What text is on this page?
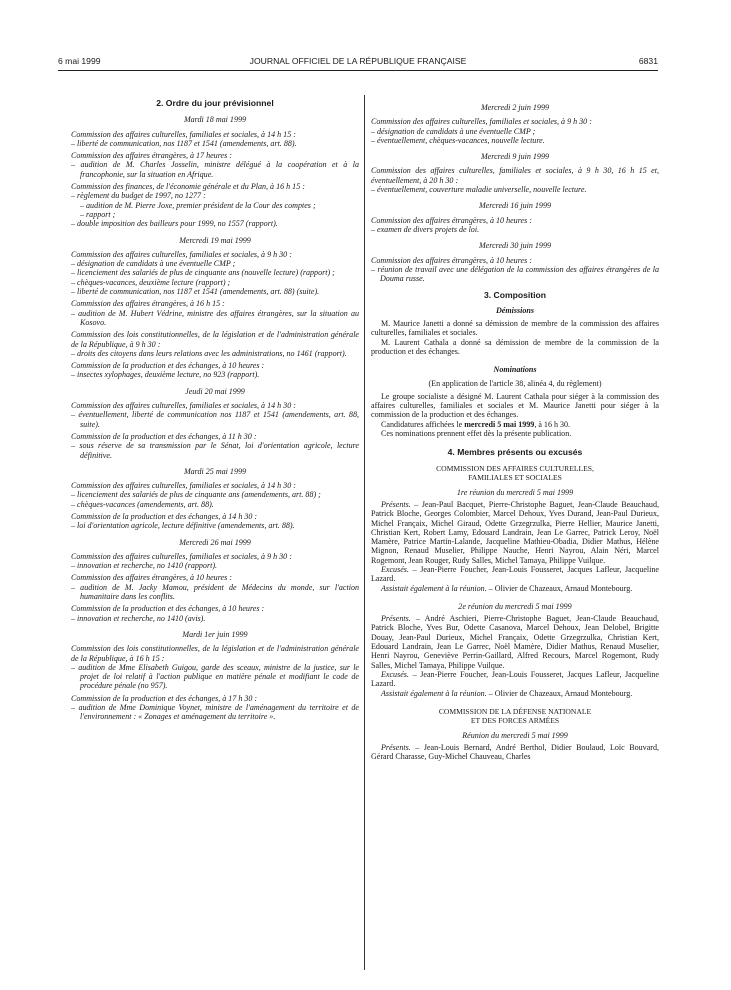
6 mai 1999	JOURNAL OFFICIEL DE LA RÉPUBLIQUE FRANÇAISE	6831
2. Ordre du jour prévisionnel
Mardi 18 mai 1999
Commission des affaires culturelles, familiales et sociales, à 14 h 15 :
– liberté de communication, nos 1187 et 1541 (amendements, art. 88).
Commission des affaires étrangères, à 17 heures :
– audition de M. Charles Josselin, ministre délégué à la coopération et à la francophonie, sur la situation en Afrique.
Commission des finances, de l'économie générale et du Plan, à 16 h 15 :
– règlement du budget de 1997, no 1277 :
– audition de M. Pierre Joxe, premier président de la Cour des comptes ;
– rapport ;
– double imposition des bailleurs pour 1999, no 1557 (rapport).
Mercredi 19 mai 1999
Commission des affaires culturelles, familiales et sociales, à 9 h 30 :
– désignation de candidats à une éventuelle CMP ;
– licenciement des salariés de plus de cinquante ans (nouvelle lecture) (rapport) ;
– chèques-vacances, deuxième lecture (rapport) ;
– liberté de communication, nos 1187 et 1541 (amendements, art. 88) (suite).
Commission des affaires étrangères, à 16 h 15 :
– audition de M. Hubert Védrine, ministre des affaires étrangères, sur la situation au Kosovo.
Commission des lois constitutionnelles, de la législation et de l'administration générale de la République, à 9 h 30 :
– droits des citoyens dans leurs relations avec les administrations, no 1461 (rapport).
Commission de la production et des échanges, à 10 heures :
– insectes xylophages, deuxième lecture, no 923 (rapport).
Jeudi 20 mai 1999
Commission des affaires culturelles, familiales et sociales, à 14 h 30 :
– éventuellement, liberté de communication nos 1187 et 1541 (amendements, art. 88, suite).
Commission de la production et des échanges, à 11 h 30 :
– sous réserve de sa transmission par le Sénat, loi d'orientation agricole, lecture définitive.
Mardi 25 mai 1999
Commission des affaires culturelles, familiales et sociales, à 14 h 30 :
– licenciement des salariés de plus de cinquante ans (amendements, art. 88) ;
– chèques-vacances (amendements, art. 88).
Commission de la production et des échanges, à 14 h 30 :
– loi d'orientation agricole, lecture définitive (amendements, art. 88).
Mercredi 26 mai 1999
Commission des affaires culturelles, familiales et sociales, à 9 h 30 :
– innovation et recherche, no 1410 (rapport).
Commission des affaires étrangères, à 10 heures :
– audition de M. Jacky Mamou, président de Médecins du monde, sur l'action humanitaire dans les conflits.
Commission de la production et des échanges, à 10 heures :
– innovation et recherche, no 1410 (avis).
Mardi 1er juin 1999
Commission des lois constitutionnelles, de la législation et de l'administration générale de la République, à 16 h 15 :
– audition de Mme Elisabeth Guigou, garde des sceaux, ministre de la justice, sur le projet de loi relatif à l'action publique en matière pénale et modifiant le code de procédure pénale (no 957).
Commission de la production et des échanges, à 17 h 30 :
– audition de Mme Dominique Voynet, ministre de l'aménagement du territoire et de l'environnement : « Zonages et aménagement du territoire ».
Mercredi 2 juin 1999
Commission des affaires culturelles, familiales et sociales, à 9 h 30 :
– désignation de candidats à une éventuelle CMP ;
– éventuellement, chèques-vacances, nouvelle lecture.
Mercredi 9 juin 1999
Commission des affaires culturelles, familiales et sociales, à 9 h 30, 16 h 15 et, éventuellement, à 20 h 30 :
– éventuellement, couverture maladie universelle, nouvelle lecture.
Mercredi 16 juin 1999
Commission des affaires étrangères, à 10 heures :
– examen de divers projets de loi.
Mercredi 30 juin 1999
Commission des affaires étrangères, à 10 heures :
– réunion de travail avec une délégation de la commission des affaires étrangères de la Douma russe.
3. Composition
Démissions
M. Maurice Janetti a donné sa démission de membre de la commission des affaires culturelles, familiales et sociales.
M. Laurent Cathala a donné sa démission de membre de la commission de la production et des échanges.
Nominations
(En application de l'article 38, alinéa 4, du règlement)
Le groupe socialiste a désigné M. Laurent Cathala pour siéger à la commission des affaires culturelles, familiales et sociales et M. Maurice Janetti pour siéger à la commission de la production et des échanges.
Candidatures affichées le mercredi 5 mai 1999, à 16 h 30.
Ces nominations prennent effet dès la présente publication.
4. Membres présents ou excusés
COMMISSION DES AFFAIRES CULTURELLES,
FAMILIALES ET SOCIALES
1re réunion du mercredi 5 mai 1999
Présents. – Jean-Paul Bacquet, Pierre-Christophe Baguet, Jean-Claude Beauchaud, Patrick Bloche, Georges Colombier, Marcel Dehoux, Yves Durand, Jean-Paul Durieux, Michel Françaix, Michel Giraud, Odette Grzegrzulka, Pierre Hellier, Maurice Janetti, Christian Kert, Robert Lamy, Edouard Landrain, Jean Le Garrec, Patrick Leroy, Noël Mamère, Patrice Martin-Lalande, Jacqueline Mathieu-Obadia, Didier Mathus, Hélène Mignon, Renaud Muselier, Philippe Nauche, Henri Nayrou, Alain Néri, Marcel Rogemont, Jean Rouger, Rudy Salles, Michel Tamaya, Philippe Vuilque.
Excusés. – Jean-Pierre Foucher, Jean-Louis Fousseret, Jacques Lafleur, Jacqueline Lazard.
Assistait également à la réunion. – Olivier de Chazeaux, Arnaud Montebourg.
2e réunion du mercredi 5 mai 1999
Présents. – André Aschieri, Pierre-Christophe Baguet, Jean-Claude Beauchaud, Patrick Bloche, Yves Bur, Odette Casanova, Marcel Dehoux, Jean Delobel, Brigitte Douay, Jean-Paul Durieux, Michel Françaix, Odette Grzegrzulka, Christian Kert, Edouard Landrain, Jean Le Garrec, Noël Mamère, Didier Mathus, Renaud Muselier, Henri Nayrou, Geneviève Perrin-Gaillard, Alfred Recours, Marcel Rogemont, Rudy Salles, Michel Tamaya, Philippe Vuilque.
Excusés. – Jean-Pierre Foucher, Jean-Louis Fousseret, Jacques Lafleur, Jacqueline Lazard.
Assistait également à la réunion. – Olivier de Chazeaux, Arnaud Montebourg.
COMMISSION DE LA DÉFENSE NATIONALE
ET DES FORCES ARMÉES
Réunion du mercredi 5 mai 1999
Présents. – Jean-Louis Bernard, André Berthol, Didier Boulaud, Loïc Bouvard, Gérard Charasse, Guy-Michel Chauveau, Charles
